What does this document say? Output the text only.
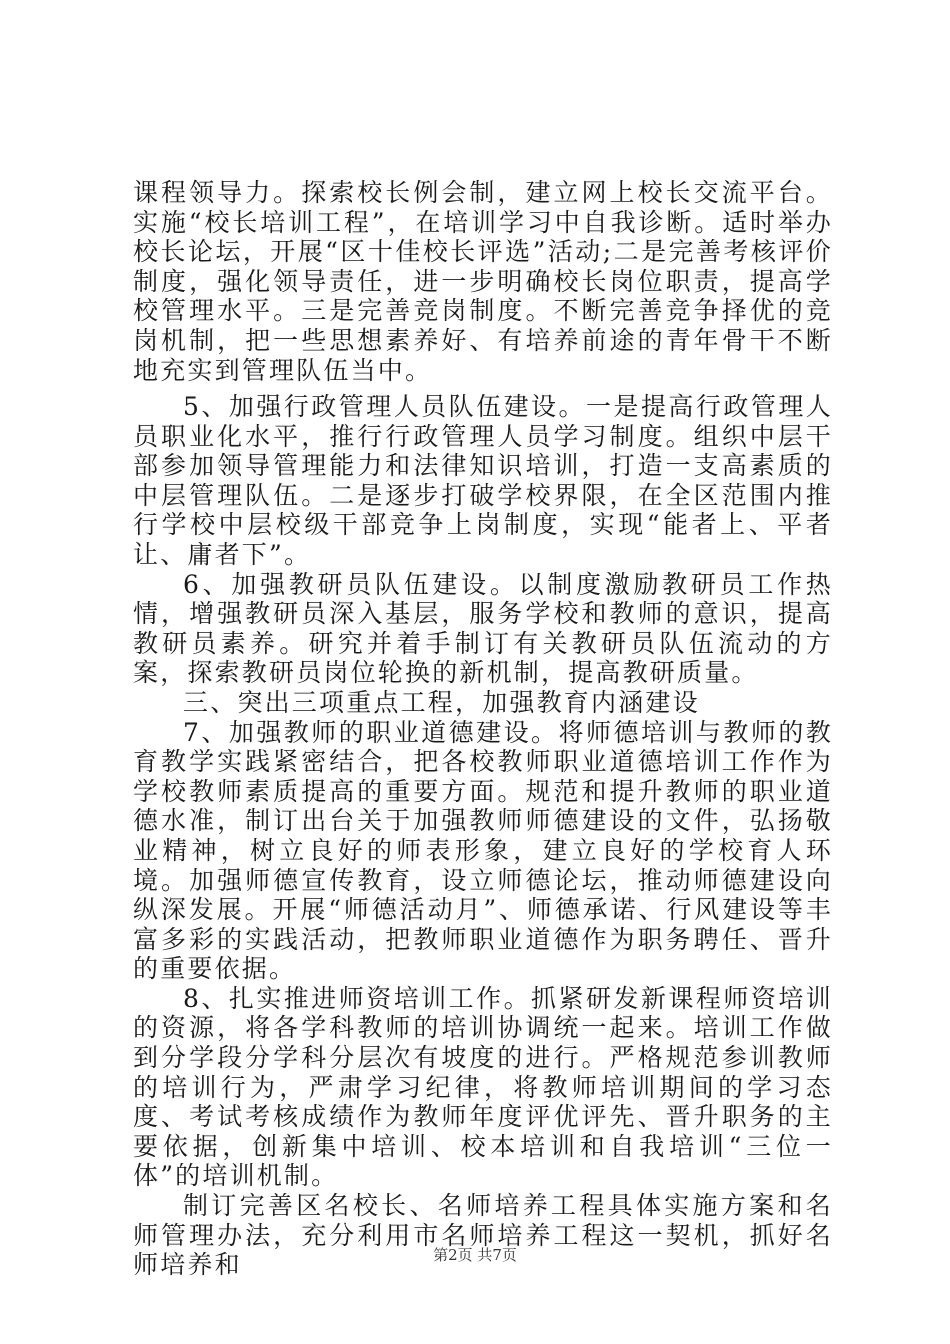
课程领导力。探索校长例会制，建立网上校长交流平台。实施“校长培训工程”，在培训学习中自我诊断。适时举办校长论坛，开展“区十佳校长评选”活动;二是完善考核评价制度，强化领导责任，进一步明确校长岗位职责，提高学校管理水平。三是完善竞岗制度。不断完善竞争择优的竞岗机制，把一些思想素养好、有培养前途的青年骨干不断地充实到管理队伍当中。

5、加强行政管理人员队伍建设。一是提高行政管理人员职业化水平，推行行政管理人员学习制度。组织中层干部参加领导管理能力和法律知识培训，打造一支高素质的中层管理队伍。二是逐步打破学校界限，在全区范围内推行学校中层校级干部竞争上岗制度，实现“能者上、平者让、庸者下”。

6、加强教研员队伍建设。以制度激励教研员工作热情，增强教研员深入基层，服务学校和教师的意识，提高教研员素养。研究并着手制订有关教研员队伍流动的方案，探索教研员岗位轮换的新机制，提高教研质量。

三、突出三项重点工程，加强教育内涵建设

7、加强教师的职业道德建设。将师德培训与教师的教育教学实践紧密结合，把各校教师职业道德培训工作作为学校教师素质提高的重要方面。规范和提升教师的职业道德水准，制订出台关于加强教师师德建设的文件，弘扬敬业精神，树立良好的师表形象，建立良好的学校育人环境。加强师德宣传教育，设立师德论坛，推动师德建设向纵深发展。开展“师德活动月”、师德承诺、行风建设等丰富多彩的实践活动，把教师职业道德作为职务聘任、晋升的重要依据。

8、扎实推进师资培训工作。抓紧研发新课程师资培训的资源，将各学科教师的培训协调统一起来。培训工作做到分学段分学科分层次有坡度的进行。严格规范参训教师的培训行为，严肃学习纪律，将教师培训期间的学习态度、考试考核成绩作为教师年度评优评先、晋升职务的主要依据，创新集中培训、校本培训和自我培训“三位一体”的培训机制。

制订完善区名校长、名师培养工程具体实施方案和名师管理办法，充分利用市名师培养工程这一契机，抓好名师培养和	第2页 共7页
